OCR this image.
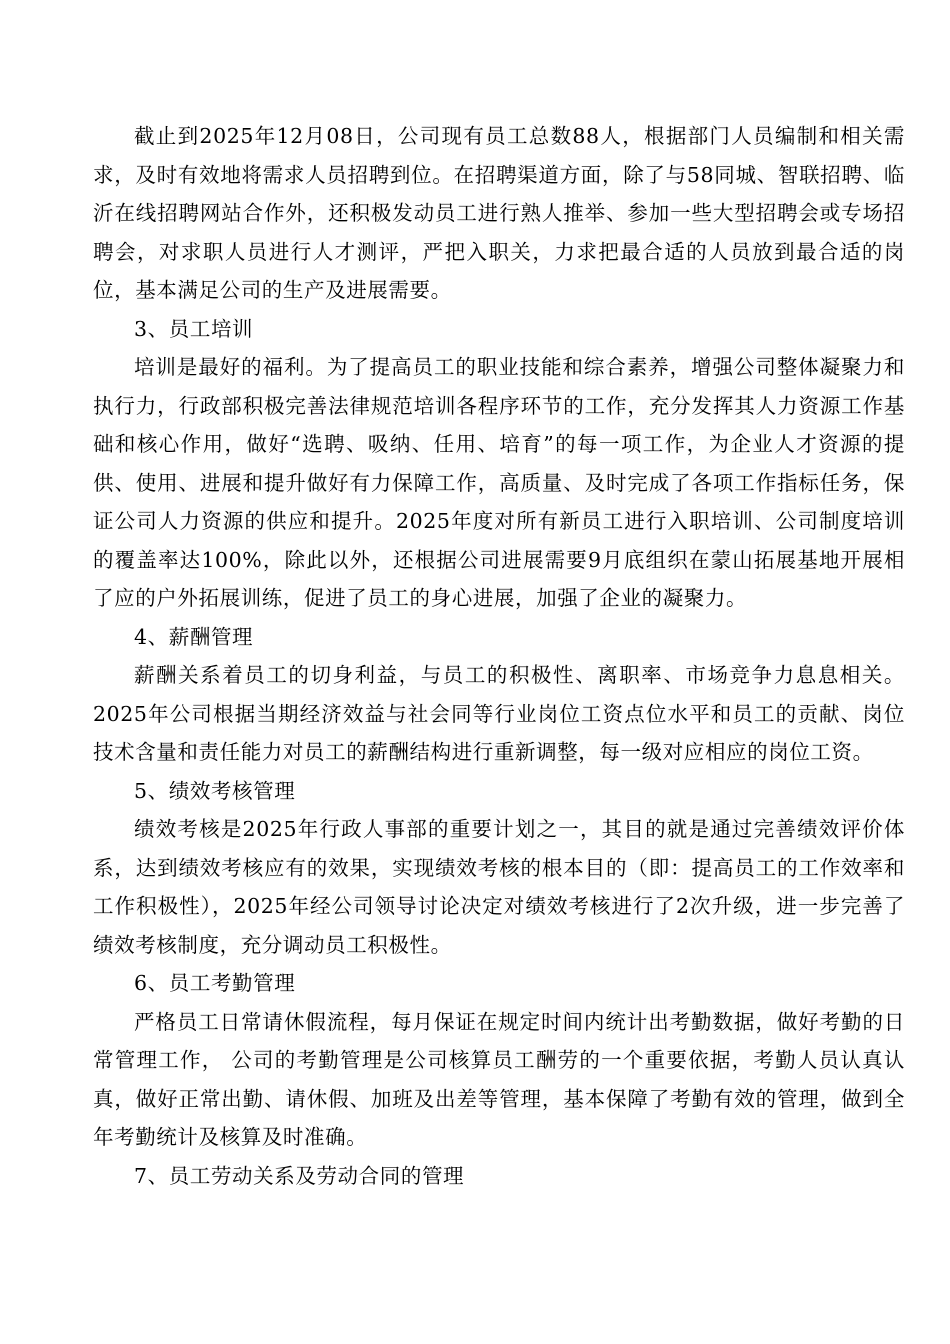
截止到2025年12月08日，公司现有员工总数88人，根据部门人员编制和相关需求，及时有效地将需求人员招聘到位。在招聘渠道方面，除了与58同城、智联招聘、临沂在线招聘网站合作外，还积极发动员工进行熟人推举、参加一些大型招聘会或专场招聘会，对求职人员进行人才测评，严把入职关，力求把最合适的人员放到最合适的岗位，基本满足公司的生产及进展需要。

3、员工培训

培训是最好的福利。为了提高员工的职业技能和综合素养，增强公司整体凝聚力和执行力，行政部积极完善法律规范培训各程序环节的工作，充分发挥其人力资源工作基础和核心作用，做好“选聘、吸纳、任用、培育”的每一项工作，为企业人才资源的提供、使用、进展和提升做好有力保障工作，高质量、及时完成了各项工作指标任务，保证公司人力资源的供应和提升。2025年度对所有新员工进行入职培训、公司制度培训的覆盖率达100%，除此以外，还根据公司进展需要9月底组织在蒙山拓展基地开展相了应的户外拓展训练，促进了员工的身心进展，加强了企业的凝聚力。

4、薪酬管理

薪酬关系着员工的切身利益，与员工的积极性、离职率、市场竞争力息息相关。2025年公司根据当期经济效益与社会同等行业岗位工资点位水平和员工的贡献、岗位技术含量和责任能力对员工的薪酬结构进行重新调整，每一级对应相应的岗位工资。

5、绩效考核管理

绩效考核是2025年行政人事部的重要计划之一，其目的就是通过完善绩效评价体系，达到绩效考核应有的效果，实现绩效考核的根本目的（即：提高员工的工作效率和工作积极性），2025年经公司领导讨论决定对绩效考核进行了2次升级，进一步完善了绩效考核制度，充分调动员工积极性。

6、员工考勤管理

严格员工日常请休假流程，每月保证在规定时间内统计出考勤数据，做好考勤的日常管理工作， 公司的考勤管理是公司核算员工酬劳的一个重要依据，考勤人员认真认真，做好正常出勤、请休假、加班及出差等管理，基本保障了考勤有效的管理，做到全年考勤统计及核算及时准确。

7、员工劳动关系及劳动合同的管理
